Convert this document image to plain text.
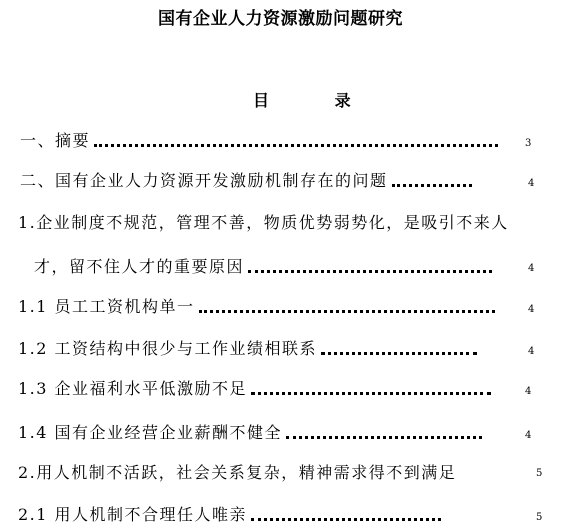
国有企业人力资源激励问题研究
目 录
一、摘要	3
二、国有企业人力资源开发激励机制存在的问题	4
1.企业制度不规范，管理不善，物质优势弱势化，是吸引不来人
才，留不住人才的重要原因	4
1.1 员工工资机构单一	4
1.2 工资结构中很少与工作业绩相联系	4
1.3 企业福利水平低激励不足	4
1.4 国有企业经营企业薪酬不健全	4
2.用人机制不活跃，社会关系复杂，精神需求得不到满足	5
2.1 用人机制不合理任人唯亲	5
